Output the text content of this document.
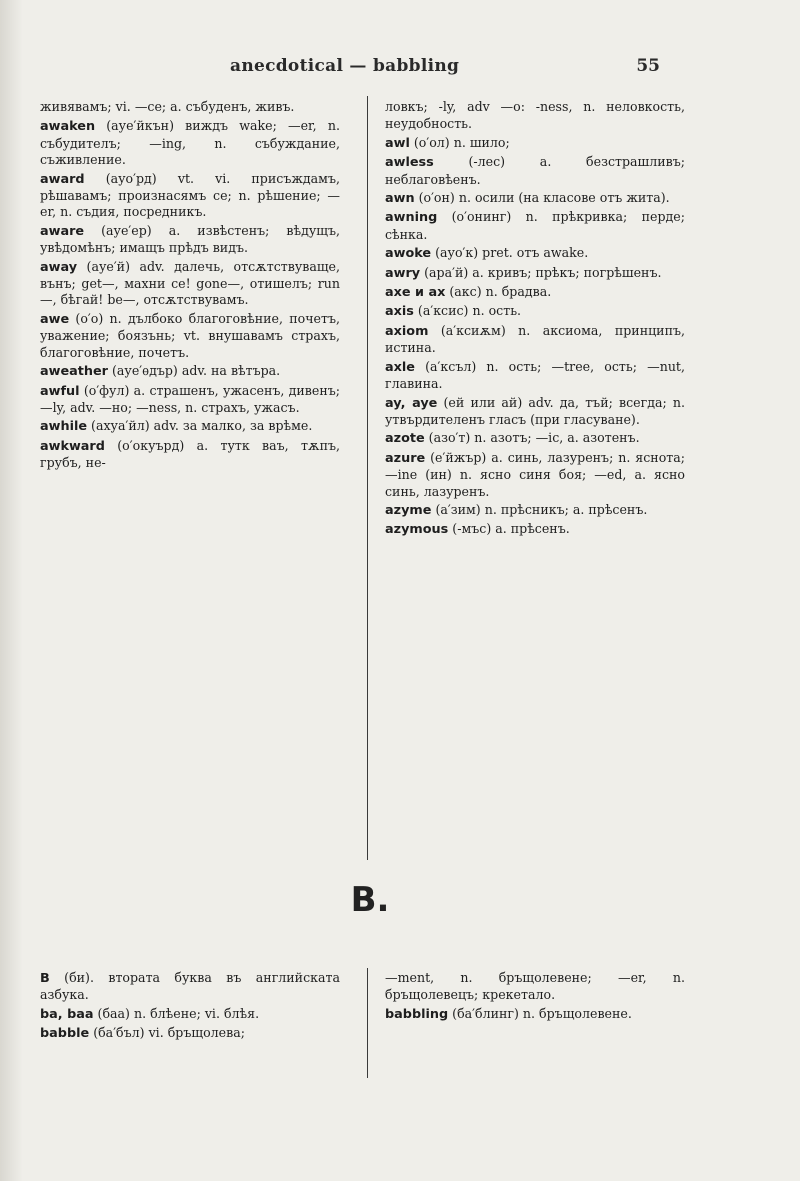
anecdotical — babbling	55

живявамъ; vi. —се; a. събуденъ, живъ.

awaken (ауе′йкън) виждъ wake; —er, n. събудителъ; —ing, n. събуждание, съживление.

award (ауо′рд) vt. vi. присъждамъ, рѣшавамъ; произнасямъ се; n. рѣшение; —er, n. съдия, посредникъ.

aware (ауе′ер) a. извѣстенъ; вѣдущъ, увѣдомѣнъ; имащъ прѣдъ видъ.

away (ауе′й) adv. далечь, отсѫтствуваще, вънъ; get—, махни се! gone—, отишелъ; run—, бѣгай! be—, отсѫтствувамъ.

awe (о′о) n. дълбоко благоговѣние, почетъ, уважение; боязънь; vt. внушавамъ страхъ, благоговѣние, почетъ.

aweather (ауе′ѳдър) adv. на вѣтъра.

awful (о′фул) a. страшенъ, ужасенъ, дивенъ; —ly, adv. —но; —ness, n. страхъ, ужасъ.

awhile (ахуа′йл) adv. за малко, за врѣме.

awkward (о′окуърд) a. тутк ваъ, тѫпъ, грубъ, не-

ловкъ; -ly, adv —о: -ness, n. неловкость, неудобность.

awl (о′ол) n. шило;

awless (-лес) a. безстрашливъ; неблаговѣенъ.

awn (о′он) n. осили (на класове отъ жита).

awning (о′онинг) n. прѣкривка; перде; сѣнка.

awoke (ауо′к) pret. отъ awake.

awry (ара′й) a. кривъ; прѣкъ; погрѣшенъ.

axe и ax (акс) n. брадва.

axis (а′ксис) n. ость.

axiom (а′ксиѫм) n. аксиома, принципъ, истина.

axle (а′ксъл) n. ость; —tree, ость; —nut, главина.

ay, aye (ей или ай) adv. да, тъй; всегда; n. утвърдителенъ гласъ (при гласуване).

azote (азо′т) n. азотъ; —ic, a. азотенъ.

azure (е′йжър) a. синь, лазуренъ; n. яснота; —ine (ин) n. ясно синя боя; —ed, a. ясно синь, лазуренъ.

azyme (а′зим) n. прѣсникъ; a. прѣсенъ.

azymous (-мъс) a. прѣсенъ.

B.

B (би). втората буква въ английската азбука.

ba, baa (баа) n. блѣене; vi. блѣя.

babble (ба′бъл) vi. бръщолева;

—ment, n. бръщолевене; —er, n. бръщолевецъ; крекетало.

babbling (ба′блинг) n. бръщолевене.
